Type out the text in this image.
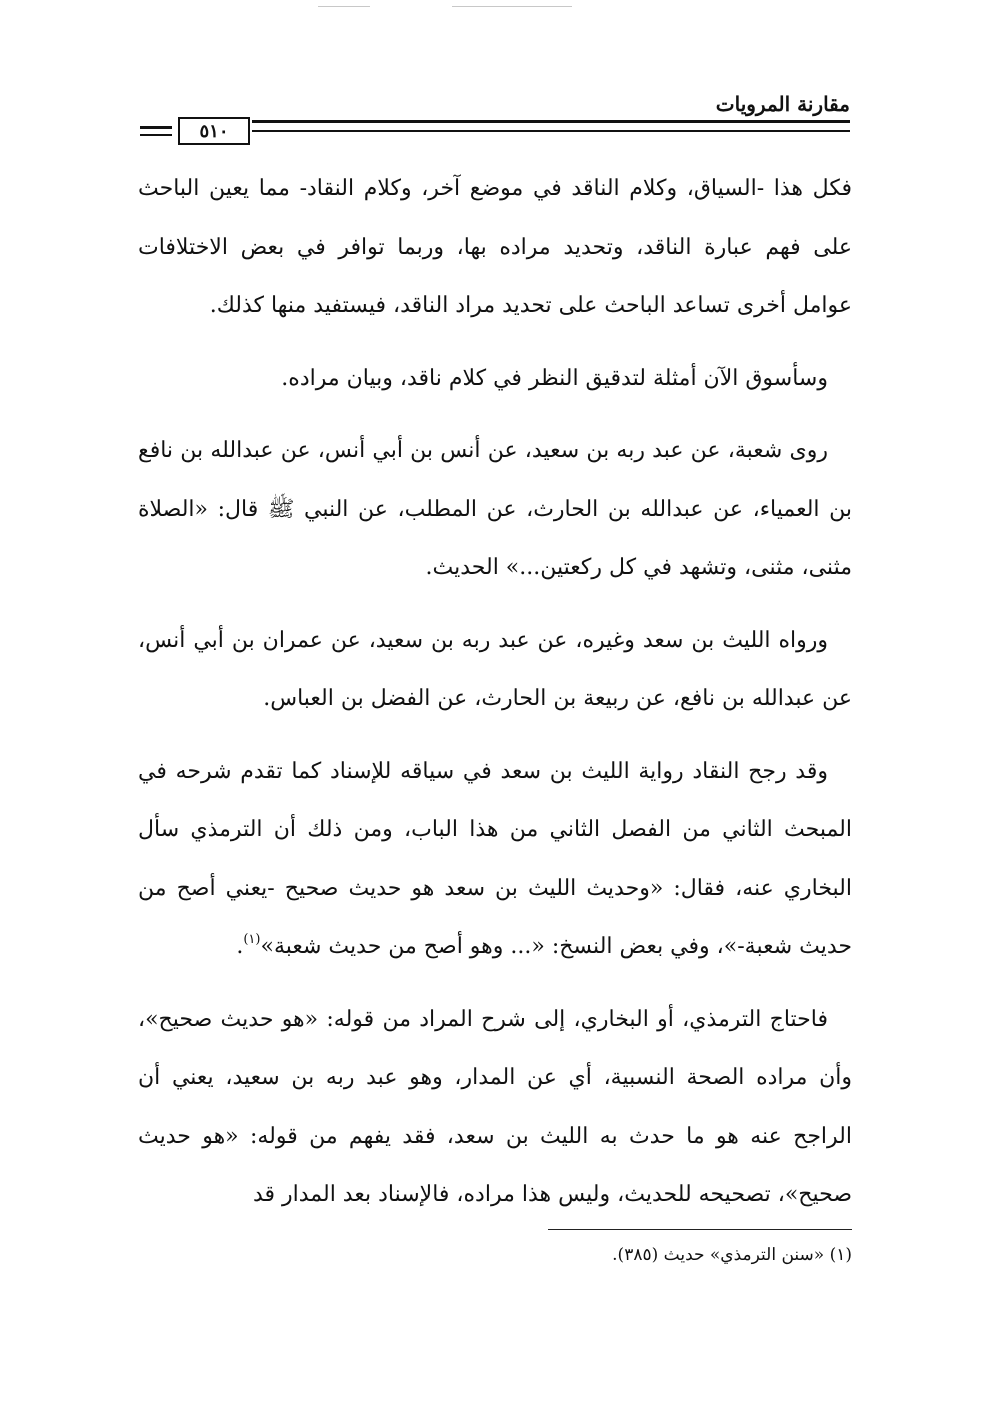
مقارنة المرويات
٥١٠

فكل هذا -السياق، وكلام الناقد في موضع آخر، وكلام النقاد- مما يعين الباحث على فهم عبارة الناقد، وتحديد مراده بها، وربما توافر في بعض الاختلافات عوامل أخرى تساعد الباحث على تحديد مراد الناقد، فيستفيد منها كذلك.

وسأسوق الآن أمثلة لتدقيق النظر في كلام ناقد، وبيان مراده.

روى شعبة، عن عبد ربه بن سعيد، عن أنس بن أبي أنس، عن عبدالله بن نافع بن العمياء، عن عبدالله بن الحارث، عن المطلب، عن النبي ﷺ قال: «الصلاة مثنى، مثنى، وتشهد في كل ركعتين...» الحديث.

ورواه الليث بن سعد وغيره، عن عبد ربه بن سعيد، عن عمران بن أبي أنس، عن عبدالله بن نافع، عن ربيعة بن الحارث، عن الفضل بن العباس.

وقد رجح النقاد رواية الليث بن سعد في سياقه للإسناد كما تقدم شرحه في المبحث الثاني من الفصل الثاني من هذا الباب، ومن ذلك أن الترمذي سأل البخاري عنه، فقال: «وحديث الليث بن سعد هو حديث صحيح -يعني أصح من حديث شعبة-»، وفي بعض النسخ: «... وهو أصح من حديث شعبة»$^{(١)}$.

فاحتاج الترمذي، أو البخاري، إلى شرح المراد من قوله: «هو حديث صحيح»، وأن مراده الصحة النسبية، أي عن المدار، وهو عبد ربه بن سعيد، يعني أن الراجح عنه هو ما حدث به الليث بن سعد، فقد يفهم من قوله: «هو حديث صحيح»، تصحيحه للحديث، وليس هذا مراده، فالإسناد بعد المدار قد

(١) «سنن الترمذي» حديث (٣٨٥).
